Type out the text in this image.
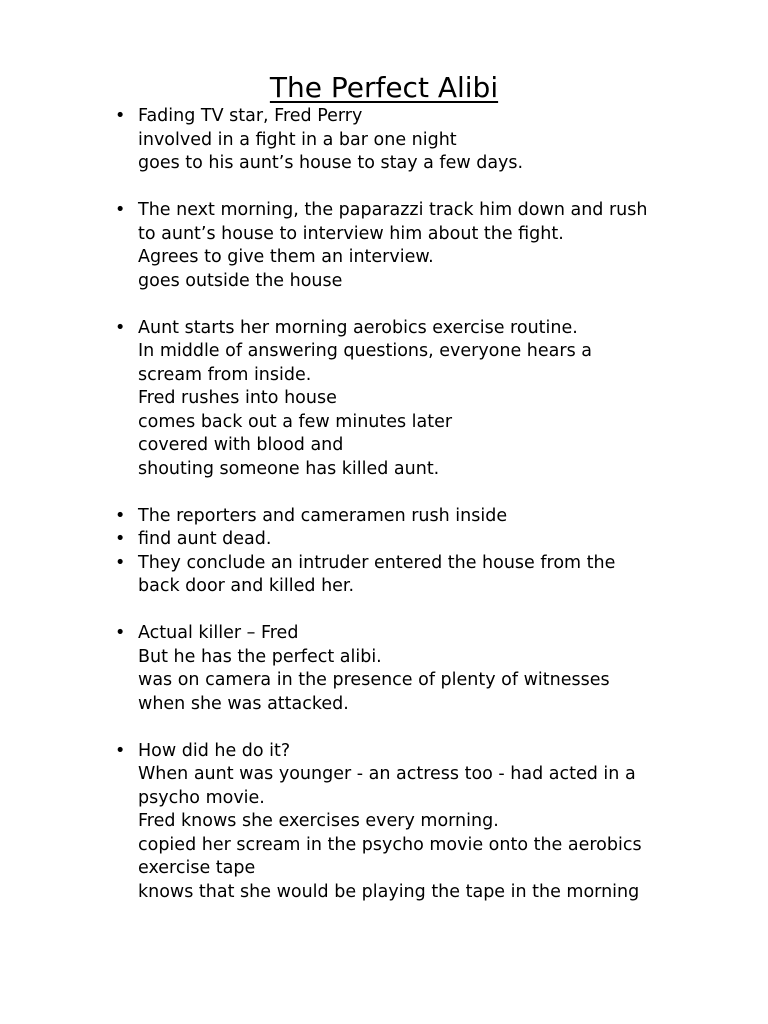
The Perfect Alibi
• Fading TV star, Fred Perry
involved in a fight in a bar one night
goes to his aunt’s house to stay a few days.
• The next morning, the paparazzi track him down and rush
to aunt’s house to interview him about the fight.
Agrees to give them an interview.
goes outside the house
• Aunt starts her morning aerobics exercise routine.
In middle of answering questions, everyone hears a
scream from inside.
Fred rushes into house
comes back out a few minutes later
covered with blood and
shouting someone has killed aunt.
• The reporters and cameramen rush inside
• find aunt dead.
• They conclude an intruder entered the house from the
back door and killed her.
• Actual killer – Fred
But he has the perfect alibi.
was on camera in the presence of plenty of witnesses
when she was attacked.
• How did he do it?
When aunt was younger - an actress too - had acted in a
psycho movie.
Fred knows she exercises every morning.
copied her scream in the psycho movie onto the aerobics
exercise tape
knows that she would be playing the tape in the morning
